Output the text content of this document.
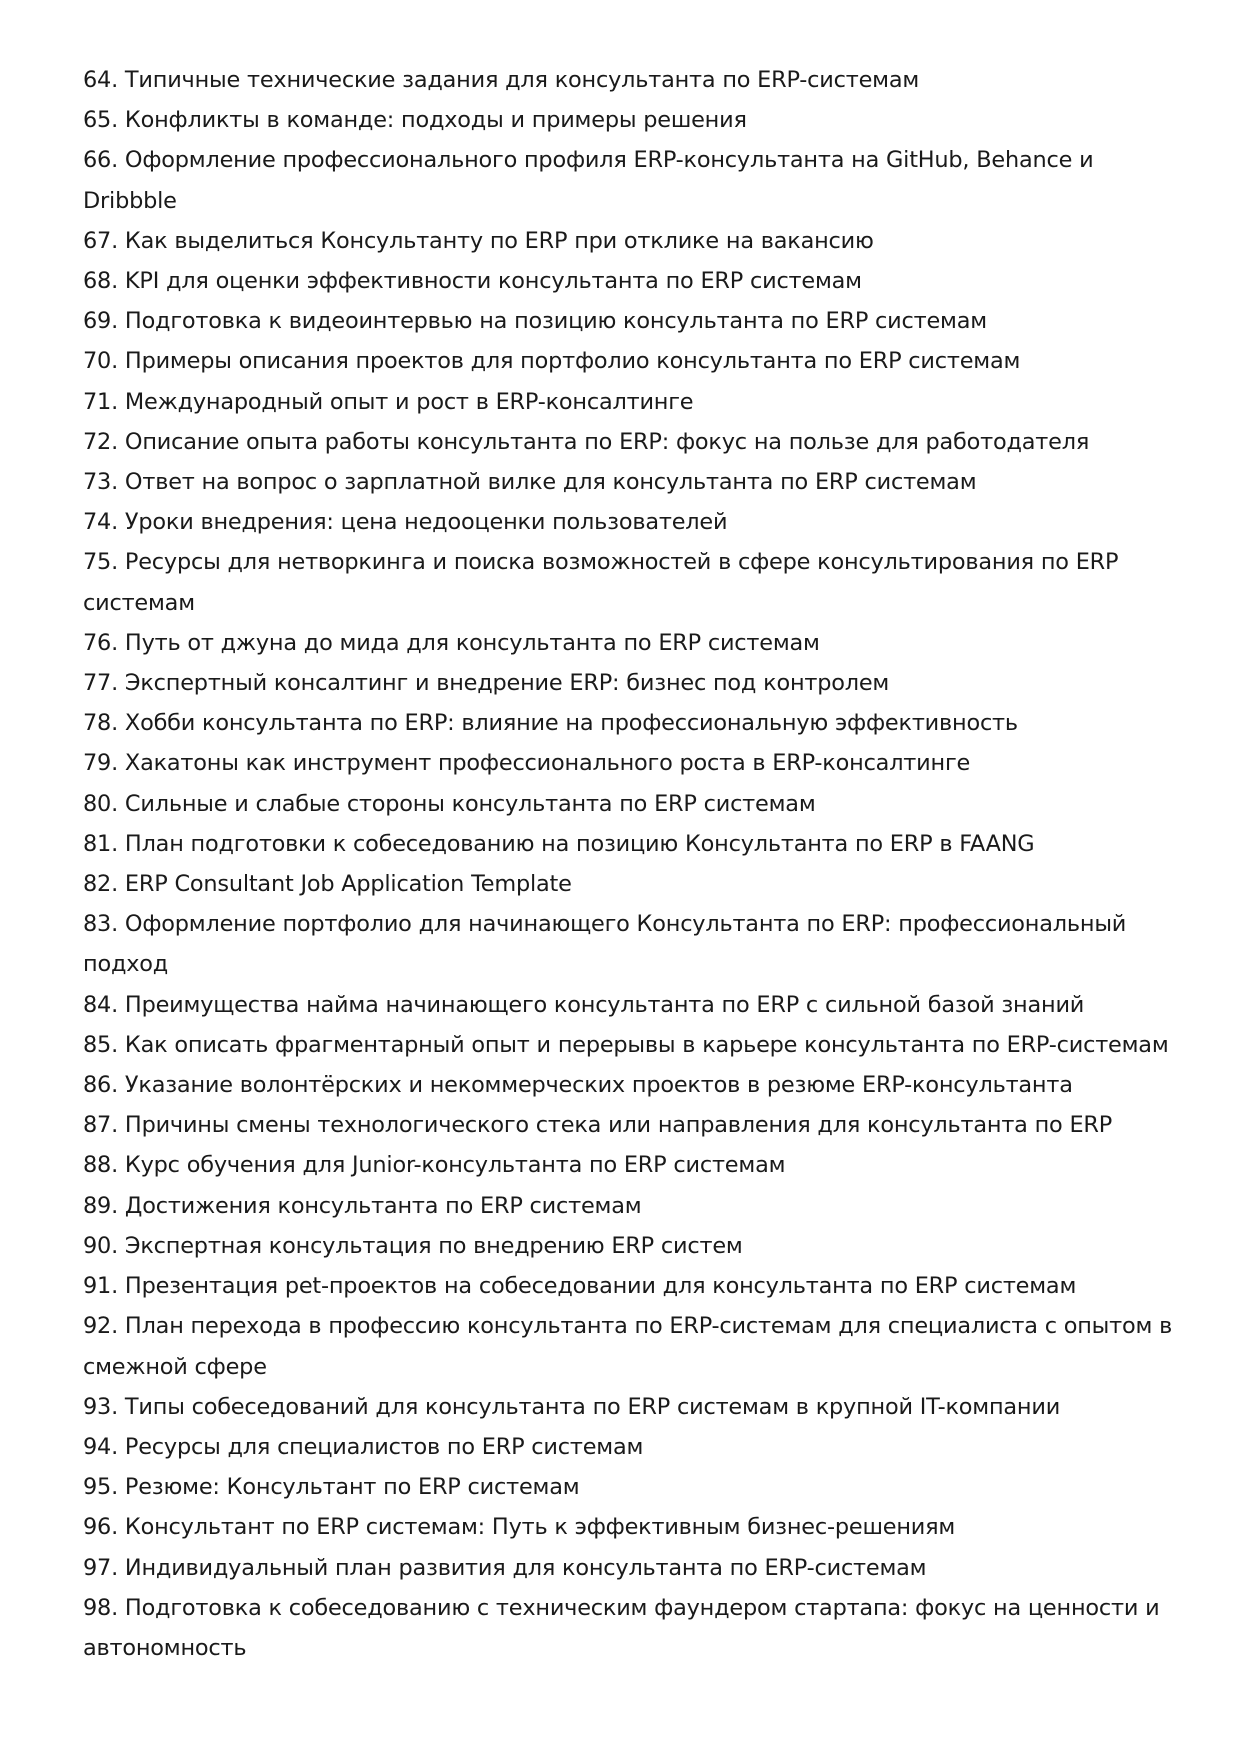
64. Типичные технические задания для консультанта по ERP-системам
65. Конфликты в команде: подходы и примеры решения
66. Оформление профессионального профиля ERP-консультанта на GitHub, Behance и Dribbble
67. Как выделиться Консультанту по ERP при отклике на вакансию
68. KPI для оценки эффективности консультанта по ERP системам
69. Подготовка к видеоинтервью на позицию консультанта по ERP системам
70. Примеры описания проектов для портфолио консультанта по ERP системам
71. Международный опыт и рост в ERP-консалтинге
72. Описание опыта работы консультанта по ERP: фокус на пользе для работодателя
73. Ответ на вопрос о зарплатной вилке для консультанта по ERP системам
74. Уроки внедрения: цена недооценки пользователей
75. Ресурсы для нетворкинга и поиска возможностей в сфере консультирования по ERP системам
76. Путь от джуна до мида для консультанта по ERP системам
77. Экспертный консалтинг и внедрение ERP: бизнес под контролем
78. Хобби консультанта по ERP: влияние на профессиональную эффективность
79. Хакатоны как инструмент профессионального роста в ERP-консалтинге
80. Сильные и слабые стороны консультанта по ERP системам
81. План подготовки к собеседованию на позицию Консультанта по ERP в FAANG
82. ERP Consultant Job Application Template
83. Оформление портфолио для начинающего Консультанта по ERP: профессиональный подход
84. Преимущества найма начинающего консультанта по ERP с сильной базой знаний
85. Как описать фрагментарный опыт и перерывы в карьере консультанта по ERP-системам
86. Указание волонтёрских и некоммерческих проектов в резюме ERP-консультанта
87. Причины смены технологического стека или направления для консультанта по ERP
88. Курс обучения для Junior-консультанта по ERP системам
89. Достижения консультанта по ERP системам
90. Экспертная консультация по внедрению ERP систем
91. Презентация pet-проектов на собеседовании для консультанта по ERP системам
92. План перехода в профессию консультанта по ERP-системам для специалиста с опытом в смежной сфере
93. Типы собеседований для консультанта по ERP системам в крупной IT-компании
94. Ресурсы для специалистов по ERP системам
95. Резюме: Консультант по ERP системам
96. Консультант по ERP системам: Путь к эффективным бизнес-решениям
97. Индивидуальный план развития для консультанта по ERP-системам
98. Подготовка к собеседованию с техническим фаундером стартапа: фокус на ценности и автономность
